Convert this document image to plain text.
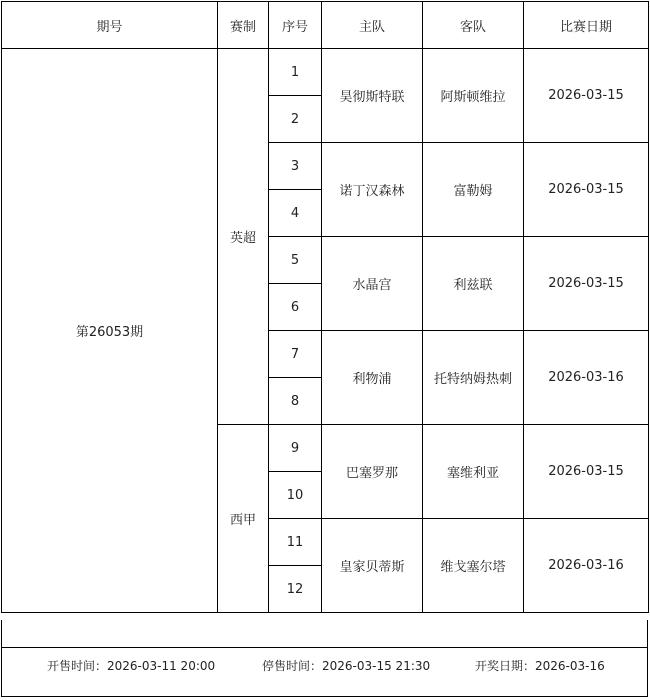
期号	赛制	序号	主队	客队	比赛日期
第26053期	英超	1	昊彻斯特联	阿斯顿维拉	2026-03-15
		2			
		3	诺丁汉森林	富勒姆	2026-03-15
		4			
		5	水晶宫	利兹联	2026-03-15
		6			
		7	利物浦	托特纳姆热刺	2026-03-16
		8			
	西甲	9	巴塞罗那	塞维利亚	2026-03-15
		10			
		11	皇家贝蒂斯	维戈塞尔塔	2026-03-16
		12			
开售时间：2026-03-11 20:00	停售时间：2026-03-15 21:30	开奖日期：2026-03-16
